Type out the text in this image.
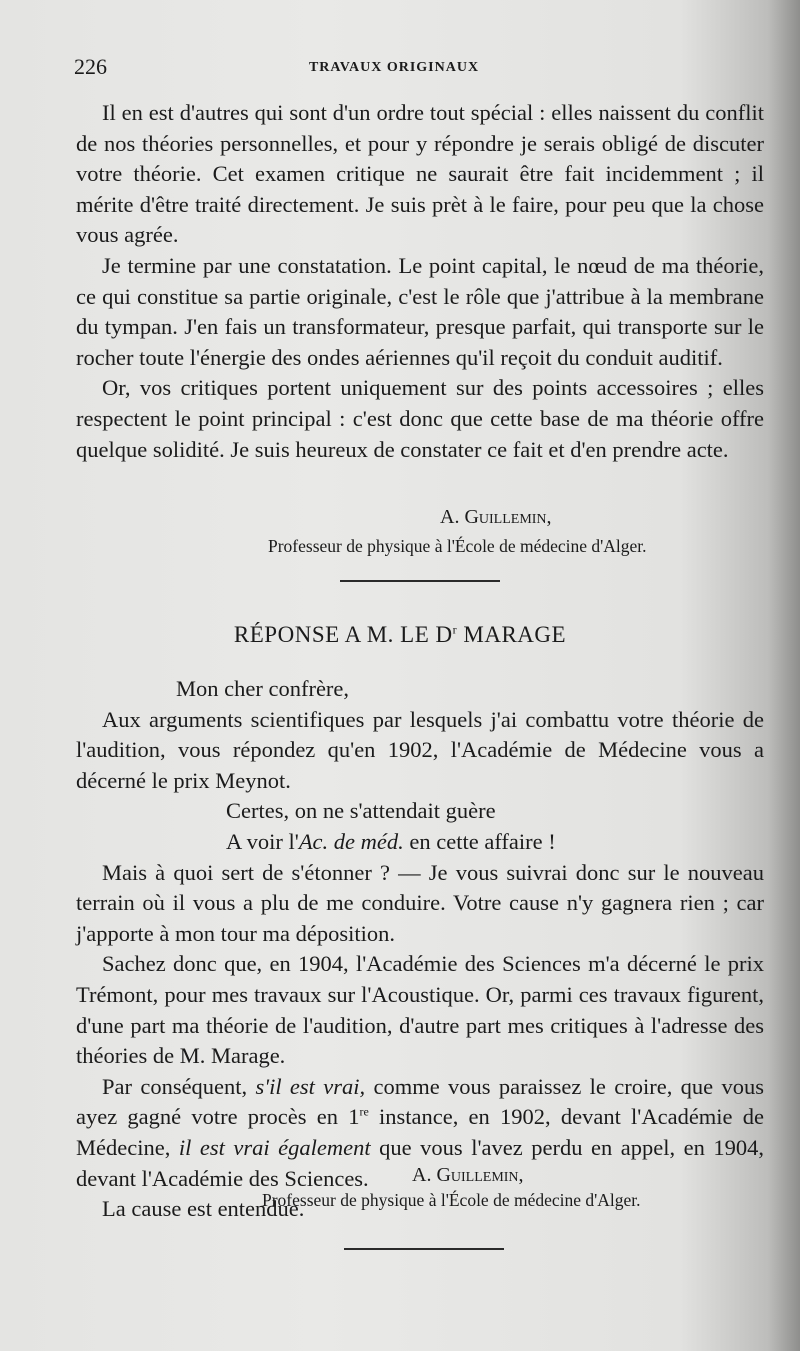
226	TRAVAUX ORIGINAUX

Il en est d'autres qui sont d'un ordre tout spécial : elles naissent du conflit de nos théories personnelles, et pour y répondre je serais obligé de discuter votre théorie. Cet examen critique ne saurait être fait incidemment ; il mérite d'être traité directement. Je suis prèt à le faire, pour peu que la chose vous agrée.

Je termine par une constatation. Le point capital, le nœud de ma théorie, ce qui constitue sa partie originale, c'est le rôle que j'attribue à la membrane du tympan. J'en fais un transformateur, presque parfait, qui transporte sur le rocher toute l'énergie des ondes aériennes qu'il reçoit du conduit auditif.

Or, vos critiques portent uniquement sur des points accessoires ; elles respectent le point principal : c'est donc que cette base de ma théorie offre quelque solidité. Je suis heureux de constater ce fait et d'en prendre acte.

A. Guillemin,
Professeur de physique à l'École de médecine d'Alger.
RÉPONSE A M. LE $D^r$ MARAGE

Mon cher confrère,

Aux arguments scientifiques par lesquels j'ai combattu votre théorie de l'audition, vous répondez qu'en 1902, l'Académie de Médecine vous a décerné le prix Meynot.

Certes, on ne s'attendait guère

A voir l'Ac. de méd. en cette affaire !

Mais à quoi sert de s'étonner ? — Je vous suivrai donc sur le nouveau terrain où il vous a plu de me conduire. Votre cause n'y gagnera rien ; car j'apporte à mon tour ma déposition.

Sachez donc que, en 1904, l'Académie des Sciences m'a décerné le prix Trémont, pour mes travaux sur l'Acoustique. Or, parmi ces travaux figurent, d'une part ma théorie de l'audition, d'autre part mes critiques à l'adresse des théories de M. Marage.

Par conséquent, s'il est vrai, comme vous paraissez le croire, que vous ayez gagné votre procès en 1re instance, en 1902, devant l'Académie de Médecine, il est vrai également que vous l'avez perdu en appel, en 1904, devant l'Académie des Sciences.

La cause est entendue.

A. Guillemin,
Professeur de physique à l'École de médecine d'Alger.
